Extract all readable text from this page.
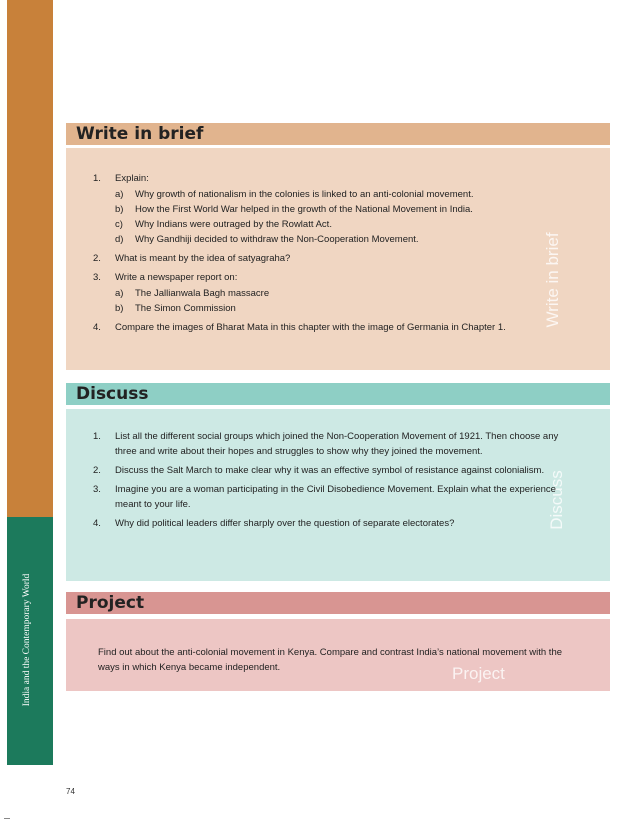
India and the Contemporary World
Write in brief
Write in brief
1. Explain:
a) Why growth of nationalism in the colonies is linked to an anti-colonial movement.
b) How the First World War helped in the growth of the National Movement in India.
c) Why Indians were outraged by the Rowlatt Act.
d) Why Gandhiji decided to withdraw the Non-Cooperation Movement.
2. What is meant by the idea of satyagraha?
3. Write a newspaper report on:
a) The Jallianwala Bagh massacre
b) The Simon Commission
4. Compare the images of Bharat Mata in this chapter with the image of Germania in Chapter 1.
Discuss
Discuss
1. List all the different social groups which joined the Non-Cooperation Movement of 1921. Then choose any three and write about their hopes and struggles to show why they joined the movement.
2. Discuss the Salt March to make clear why it was an effective symbol of resistance against colonialism.
3. Imagine you are a woman participating in the Civil Disobedience Movement. Explain what the experience meant to your life.
4. Why did political leaders differ sharply over the question of separate electorates?
Project
Project

Find out about the anti-colonial movement in Kenya. Compare and contrast India’s national movement with the ways in which Kenya became independent.

74
